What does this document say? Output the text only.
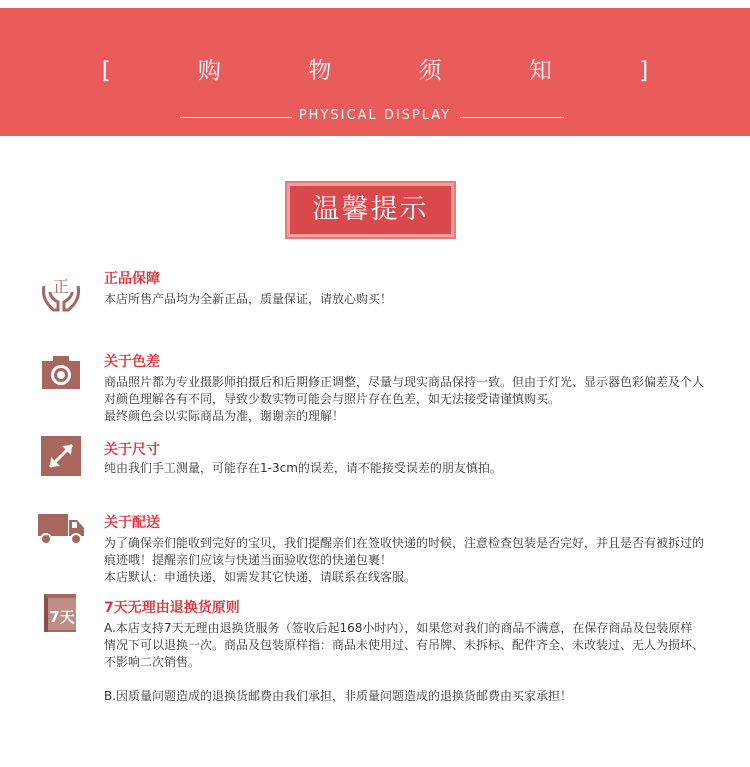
[ 购 物 须 知 ]
PHYSICAL DISPLAY
温馨提示
正 正品保障
本店所售产品均为全新正品，质量保证，请放心购买！
关于色差
商品照片都为专业摄影师拍摄后和后期修正调整，尽量与现实商品保持一致。但由于灯光、显示器色彩偏差及个人
对颜色理解各有不同，导致少数实物可能会与照片存在色差，如无法接受请谨慎购买。
最终颜色会以实际商品为准，谢谢亲的理解！
关于尺寸
纯由我们手工测量，可能存在1-3cm的误差，请不能接受误差的朋友慎拍。
关于配送
为了确保亲们能收到完好的宝贝，我们提醒亲们在签收快递的时候，注意检查包装是否完好，并且是否有被拆过的
痕迹哦！提醒亲们应该与快递当面验收您的快递包裹！
本店默认：申通快递，如需发其它快递，请联系在线客服。
7天 7天无理由退换货原则
A.本店支持7天无理由退换货服务（签收后起168小时内），如果您对我们的商品不满意，在保存商品及包装原样
情况下可以退换一次。商品及包装原样指：商品未使用过、有吊牌、未拆标、配件齐全、未改装过、无人为损坏、
不影响二次销售。
B.因质量问题造成的退换货邮费由我们承担，非质量问题造成的退换货邮费由买家承担！
